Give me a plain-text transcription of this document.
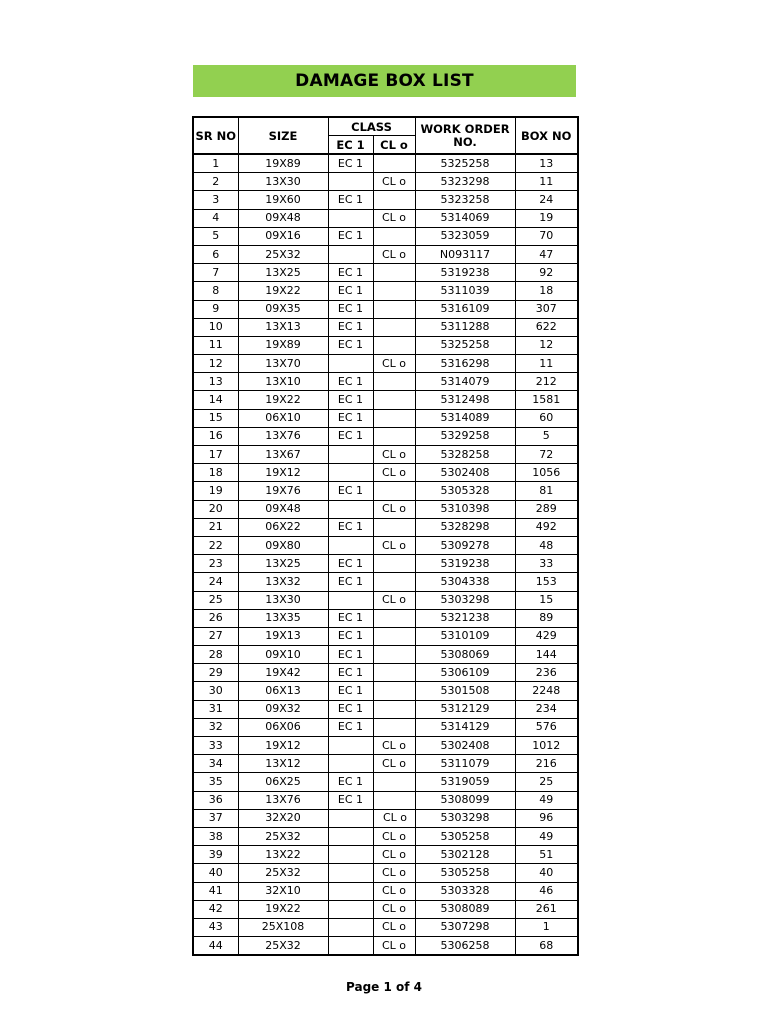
DAMAGE BOX LIST
SR NO	SIZE	CLASS		WORK ORDER NO.	BOX NO
		EC 1	CL o		
1	19X89	EC 1		5325258	13
2	13X30		CL o	5323298	11
3	19X60	EC 1		5323258	24
4	09X48		CL o	5314069	19
5	09X16	EC 1		5323059	70
6	25X32		CL o	N093117	47
7	13X25	EC 1		5319238	92
8	19X22	EC 1		5311039	18
9	09X35	EC 1		5316109	307
10	13X13	EC 1		5311288	622
11	19X89	EC 1		5325258	12
12	13X70		CL o	5316298	11
13	13X10	EC 1		5314079	212
14	19X22	EC 1		5312498	1581
15	06X10	EC 1		5314089	60
16	13X76	EC 1		5329258	5
17	13X67		CL o	5328258	72
18	19X12		CL o	5302408	1056
19	19X76	EC 1		5305328	81
20	09X48		CL o	5310398	289
21	06X22	EC 1		5328298	492
22	09X80		CL o	5309278	48
23	13X25	EC 1		5319238	33
24	13X32	EC 1		5304338	153
25	13X30		CL o	5303298	15
26	13X35	EC 1		5321238	89
27	19X13	EC 1		5310109	429
28	09X10	EC 1		5308069	144
29	19X42	EC 1		5306109	236
30	06X13	EC 1		5301508	2248
31	09X32	EC 1		5312129	234
32	06X06	EC 1		5314129	576
33	19X12		CL o	5302408	1012
34	13X12		CL o	5311079	216
35	06X25	EC 1		5319059	25
36	13X76	EC 1		5308099	49
37	32X20		CL o	5303298	96
38	25X32		CL o	5305258	49
39	13X22		CL o	5302128	51
40	25X32		CL o	5305258	40
41	32X10		CL o	5303328	46
42	19X22		CL o	5308089	261
43	25X108		CL o	5307298	1
44	25X32		CL o	5306258	68
Page 1 of 4
